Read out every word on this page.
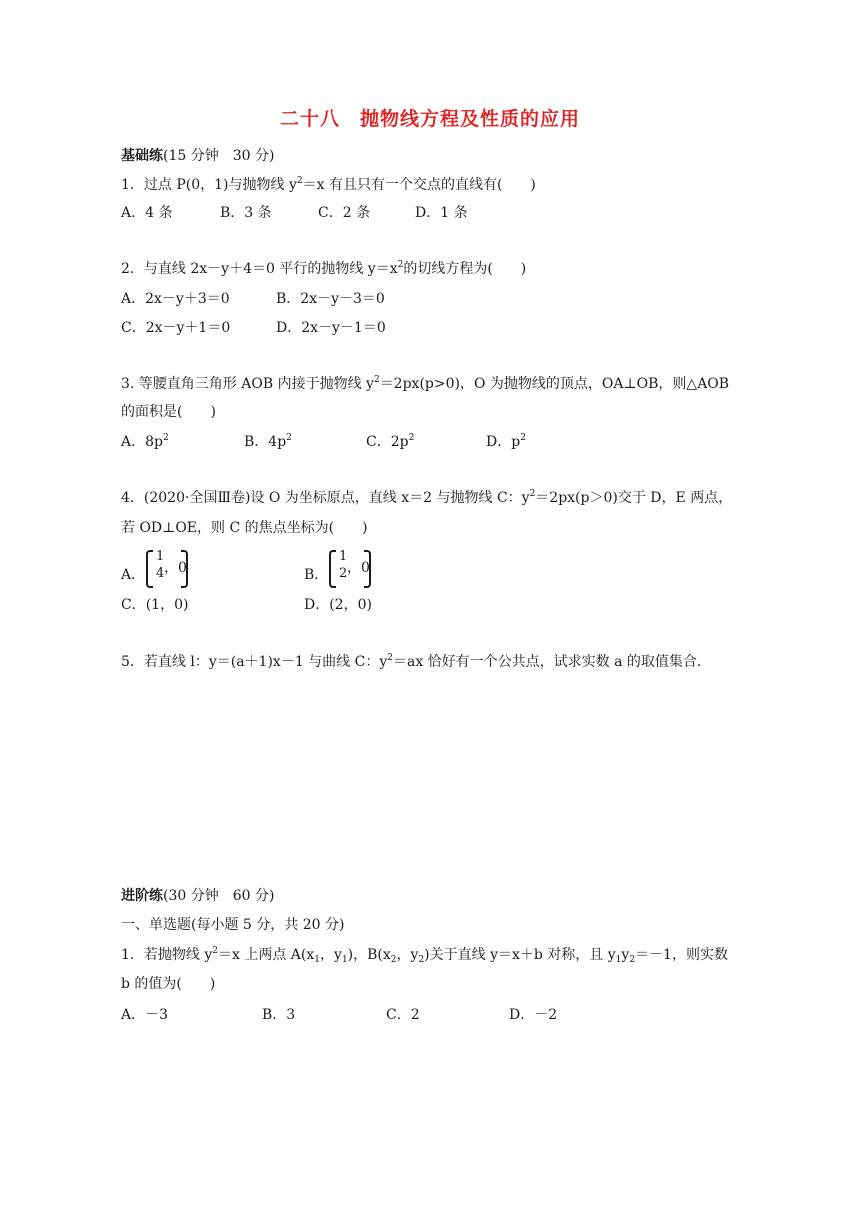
二十八　抛物线方程及性质的应用
基础练(15 分钟　30 分)
1．过点 P(0，1)与抛物线 $y^2=x$ 有且只有一个交点的直线有(　　)
A．4 条	B．3 条	C．2 条	D．1 条
2．与直线 2x－y＋4＝0 平行的抛物线 $y=x^2$的切线方程为(　　)
A．2x－y＋3＝0	B．2x－y－3＝0
C．2x－y＋1＝0	D．2x－y－1＝0
3. 等腰直角三角形 AOB 内接于抛物线 $y^2=2px(p>0)$，O 为抛物线的顶点，OA⊥OB，则△AOB
的面积是(　　)
A．$8p^2$	B．$4p^2$	C．$2p^2$	D．$p^2$
4．(2020·全国Ⅲ卷)设 O 为坐标原点，直线 x＝2 与抛物线 C：$y^2=2px(p>0)$交于 D，E 两点，
若 OD⊥OE，则 C 的焦点坐标为(　　)
A．
1
4 ，0	B．
1
2 ，0
C．(1，0)	D．(2，0)
5．若直线 l：y＝(a＋1)x－1 与曲线 C：$y^2=ax$ 恰好有一个公共点，试求实数 a 的取值集合．
进阶练(30 分钟　60 分)
一、单选题(每小题 5 分，共 20 分)
1．若抛物线 $y^2=x$ 上两点 $A(x_1$，$y_1$)，$B(x_2$，$y_2$)关于直线 y＝x＋b 对称，且 $y_1y_2=-1$，则实数
b 的值为(　　)
A．－3	B．3	C．2	D．－2
